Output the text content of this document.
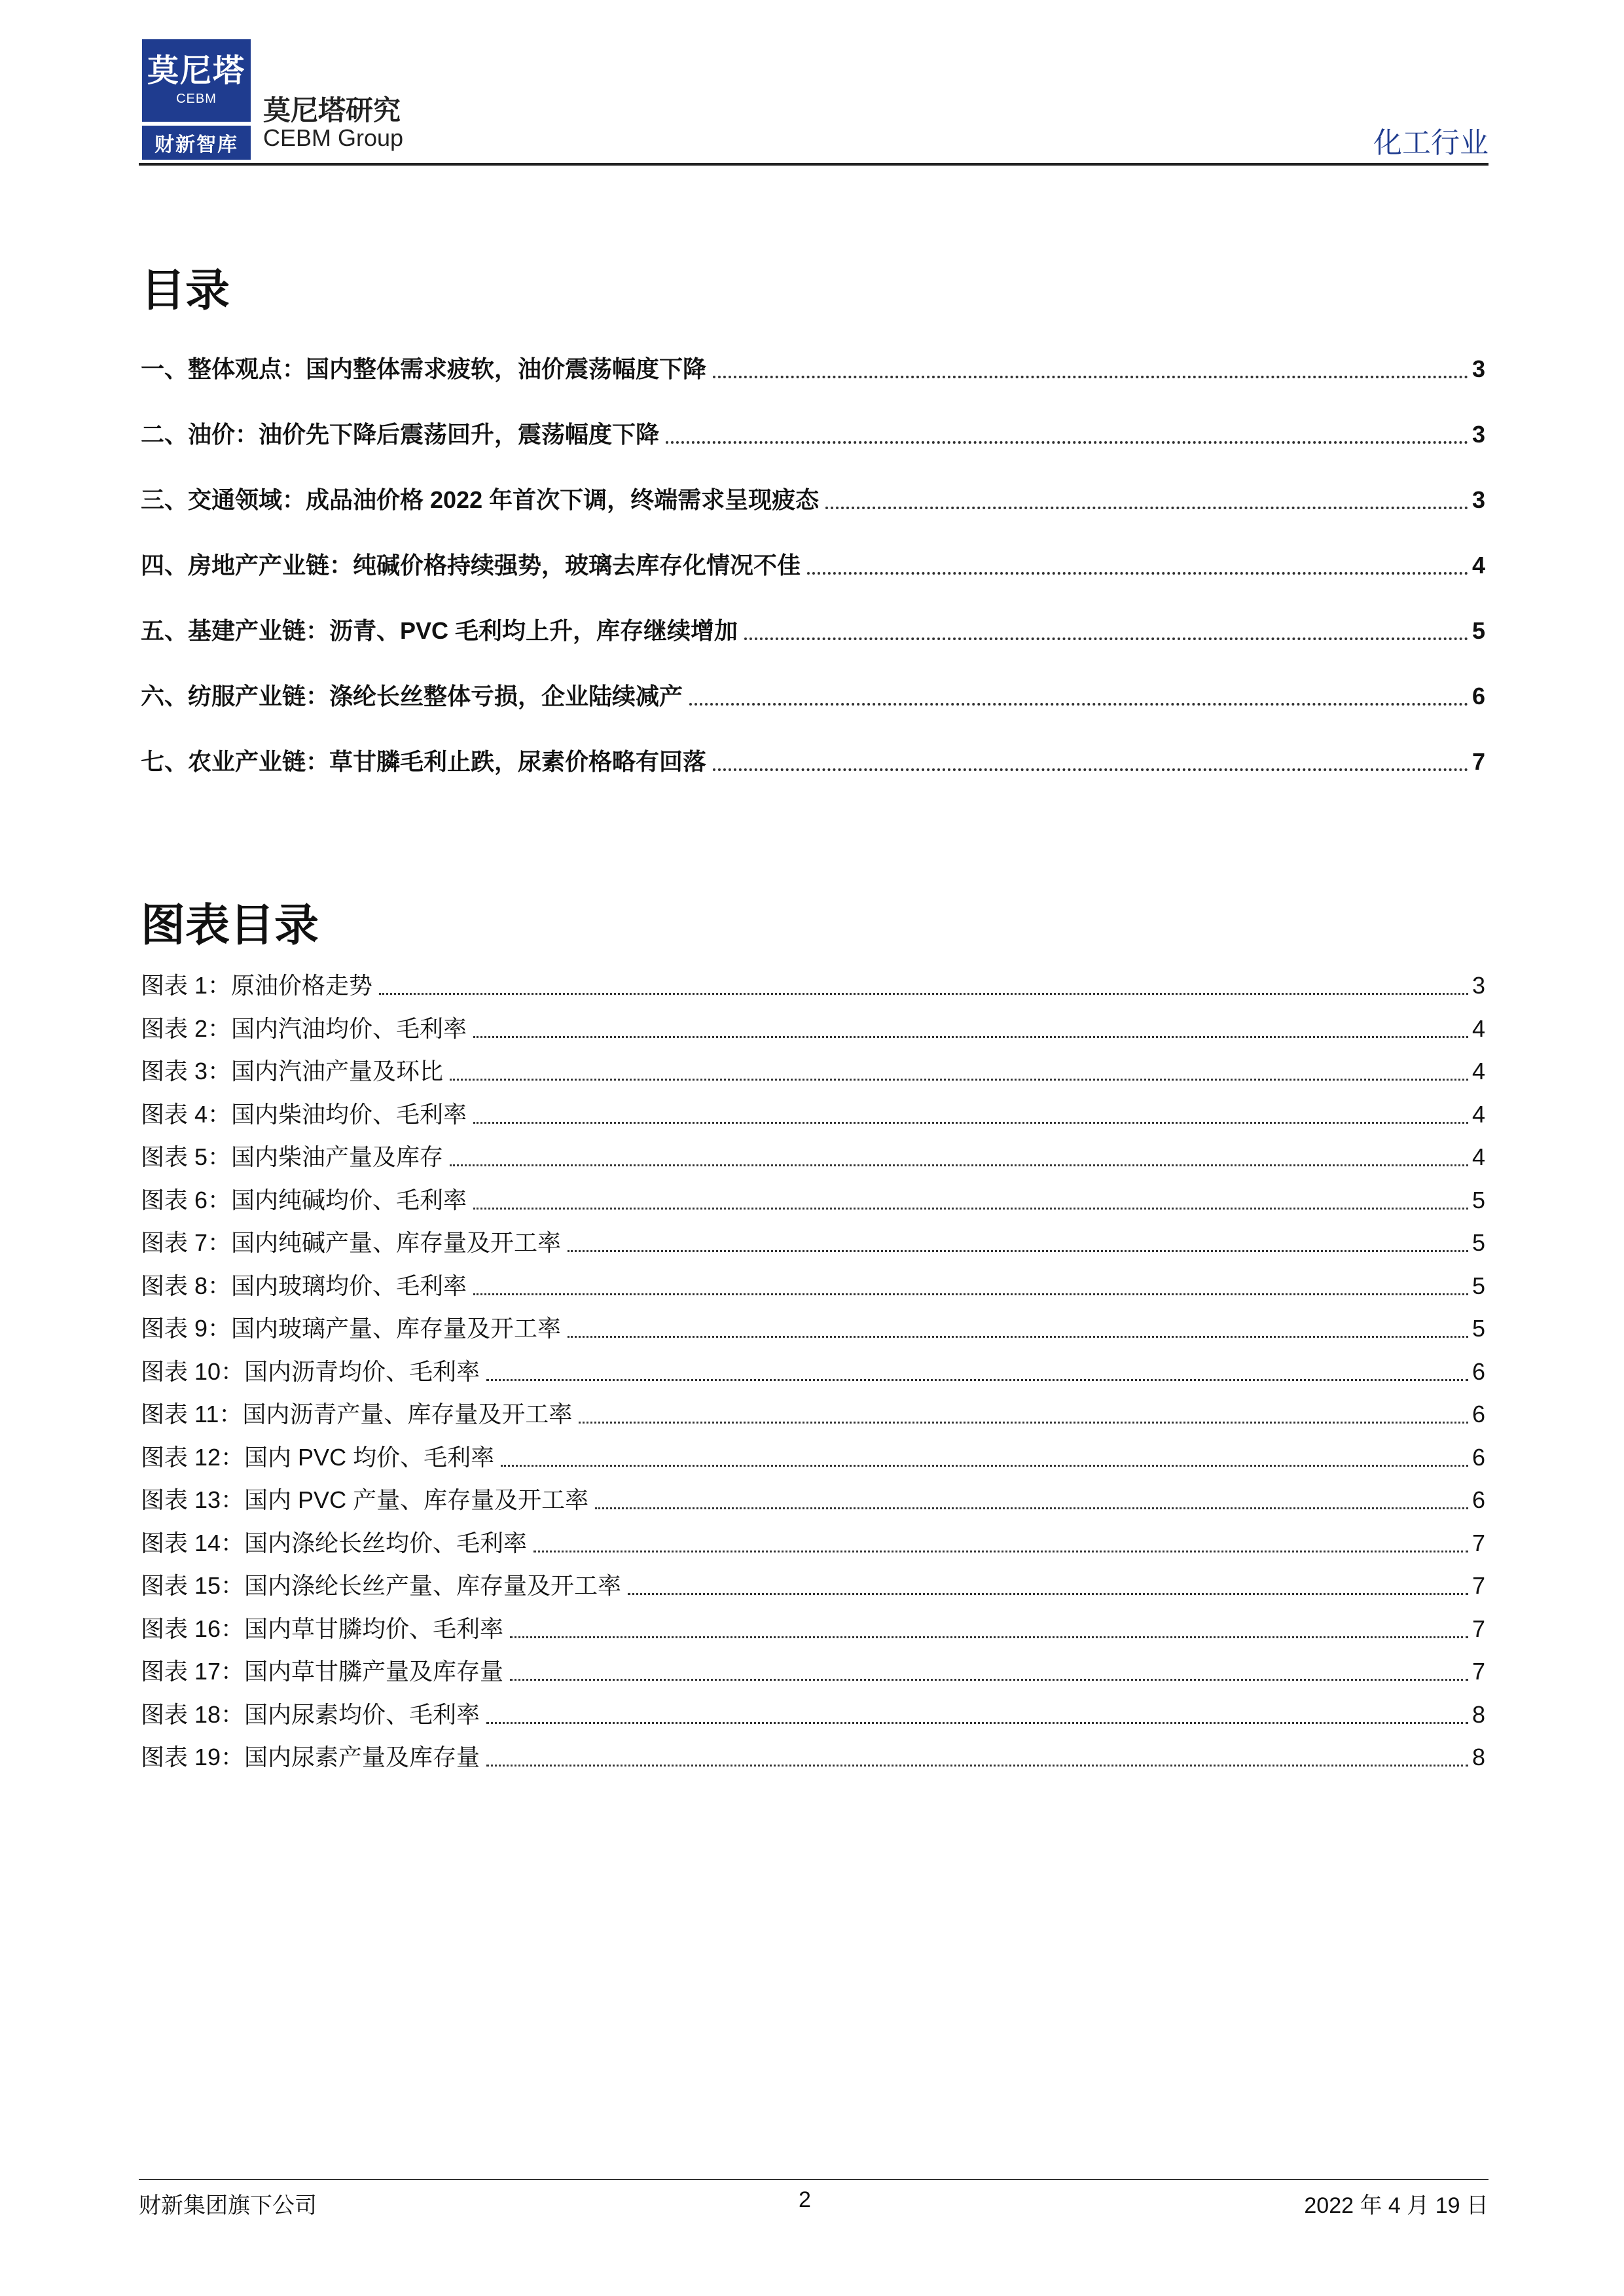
莫尼塔
CEBM
财新智库
莫尼塔研究
CEBM Group	化工行业
目录
一、整体观点：国内整体需求疲软，油价震荡幅度下降	3
二、油价：油价先下降后震荡回升，震荡幅度下降	3
三、交通领域：成品油价格 2022 年首次下调，终端需求呈现疲态	3
四、房地产产业链：纯碱价格持续强势，玻璃去库存化情况不佳	4
五、基建产业链：沥青、PVC 毛利均上升，库存继续增加	5
六、纺服产业链：涤纶长丝整体亏损，企业陆续减产	6
七、农业产业链：草甘膦毛利止跌，尿素价格略有回落	7
图表目录
图表 1：原油价格走势	3
图表 2：国内汽油均价、毛利率	4
图表 3：国内汽油产量及环比	4
图表 4：国内柴油均价、毛利率	4
图表 5：国内柴油产量及库存	4
图表 6：国内纯碱均价、毛利率	5
图表 7：国内纯碱产量、库存量及开工率	5
图表 8：国内玻璃均价、毛利率	5
图表 9：国内玻璃产量、库存量及开工率	5
图表 10：国内沥青均价、毛利率	6
图表 11：国内沥青产量、库存量及开工率	6
图表 12：国内 PVC 均价、毛利率	6
图表 13：国内 PVC 产量、库存量及开工率	6
图表 14：国内涤纶长丝均价、毛利率	7
图表 15：国内涤纶长丝产量、库存量及开工率	7
图表 16：国内草甘膦均价、毛利率	7
图表 17：国内草甘膦产量及库存量	7
图表 18：国内尿素均价、毛利率	8
图表 19：国内尿素产量及库存量	8
财新集团旗下公司	2	2022 年 4 月 19 日
